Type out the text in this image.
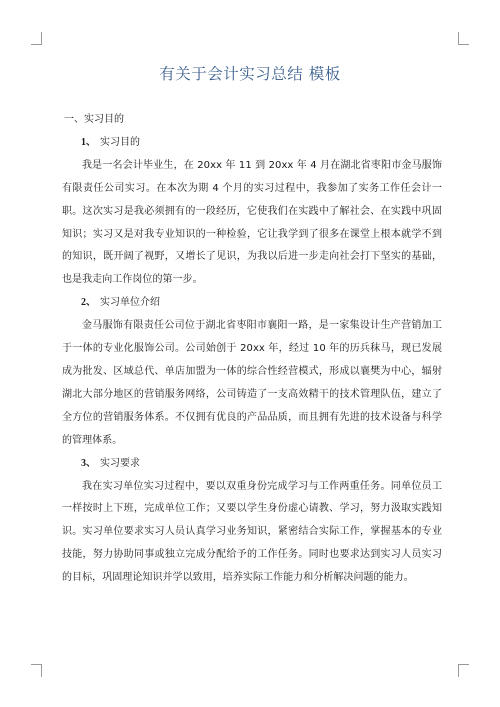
有关于会计实习总结 模板

一、实习目的

1、 实习目的

我是一名会计毕业生，在 20xx 年 11 到 20xx 年 4 月在湖北省枣阳市金马服饰有限责任公司实习。在本次为期 4 个月的实习过程中，我参加了实务工作任会计一职。这次实习是我必须拥有的一段经历，它使我们在实践中了解社会、在实践中巩固知识；实习又是对我专业知识的一种检验，它让我学到了很多在课堂上根本就学不到的知识，既开阔了视野，又增长了见识，为我以后进一步走向社会打下坚实的基础，也是我走向工作岗位的第一步。

2、 实习单位介绍

金马服饰有限责任公司位于湖北省枣阳市襄阳一路，是一家集设计生产营销加工于一体的专业化服饰公司。公司始创于 20xx 年，经过 10 年的历兵秣马，现已发展成为批发、区域总代、单店加盟为一体的综合性经营模式，形成以襄樊为中心，辐射湖北大部分地区的营销服务网络，公司铸造了一支高效精干的技术管理队伍，建立了全方位的营销服务体系。不仅拥有优良的产品品质，而且拥有先进的技术设备与科学的管理体系。

3、 实习要求

我在实习单位实习过程中，要以双重身份完成学习与工作两重任务。同单位员工一样按时上下班，完成单位工作；又要以学生身份虚心请教、学习，努力汲取实践知识。实习单位要求实习人员认真学习业务知识，紧密结合实际工作，掌握基本的专业技能，努力协助同事或独立完成分配给予的工作任务。同时也要求达到实习人员实习的目标，巩固理论知识并学以致用，培养实际工作能力和分析解决问题的能力。
